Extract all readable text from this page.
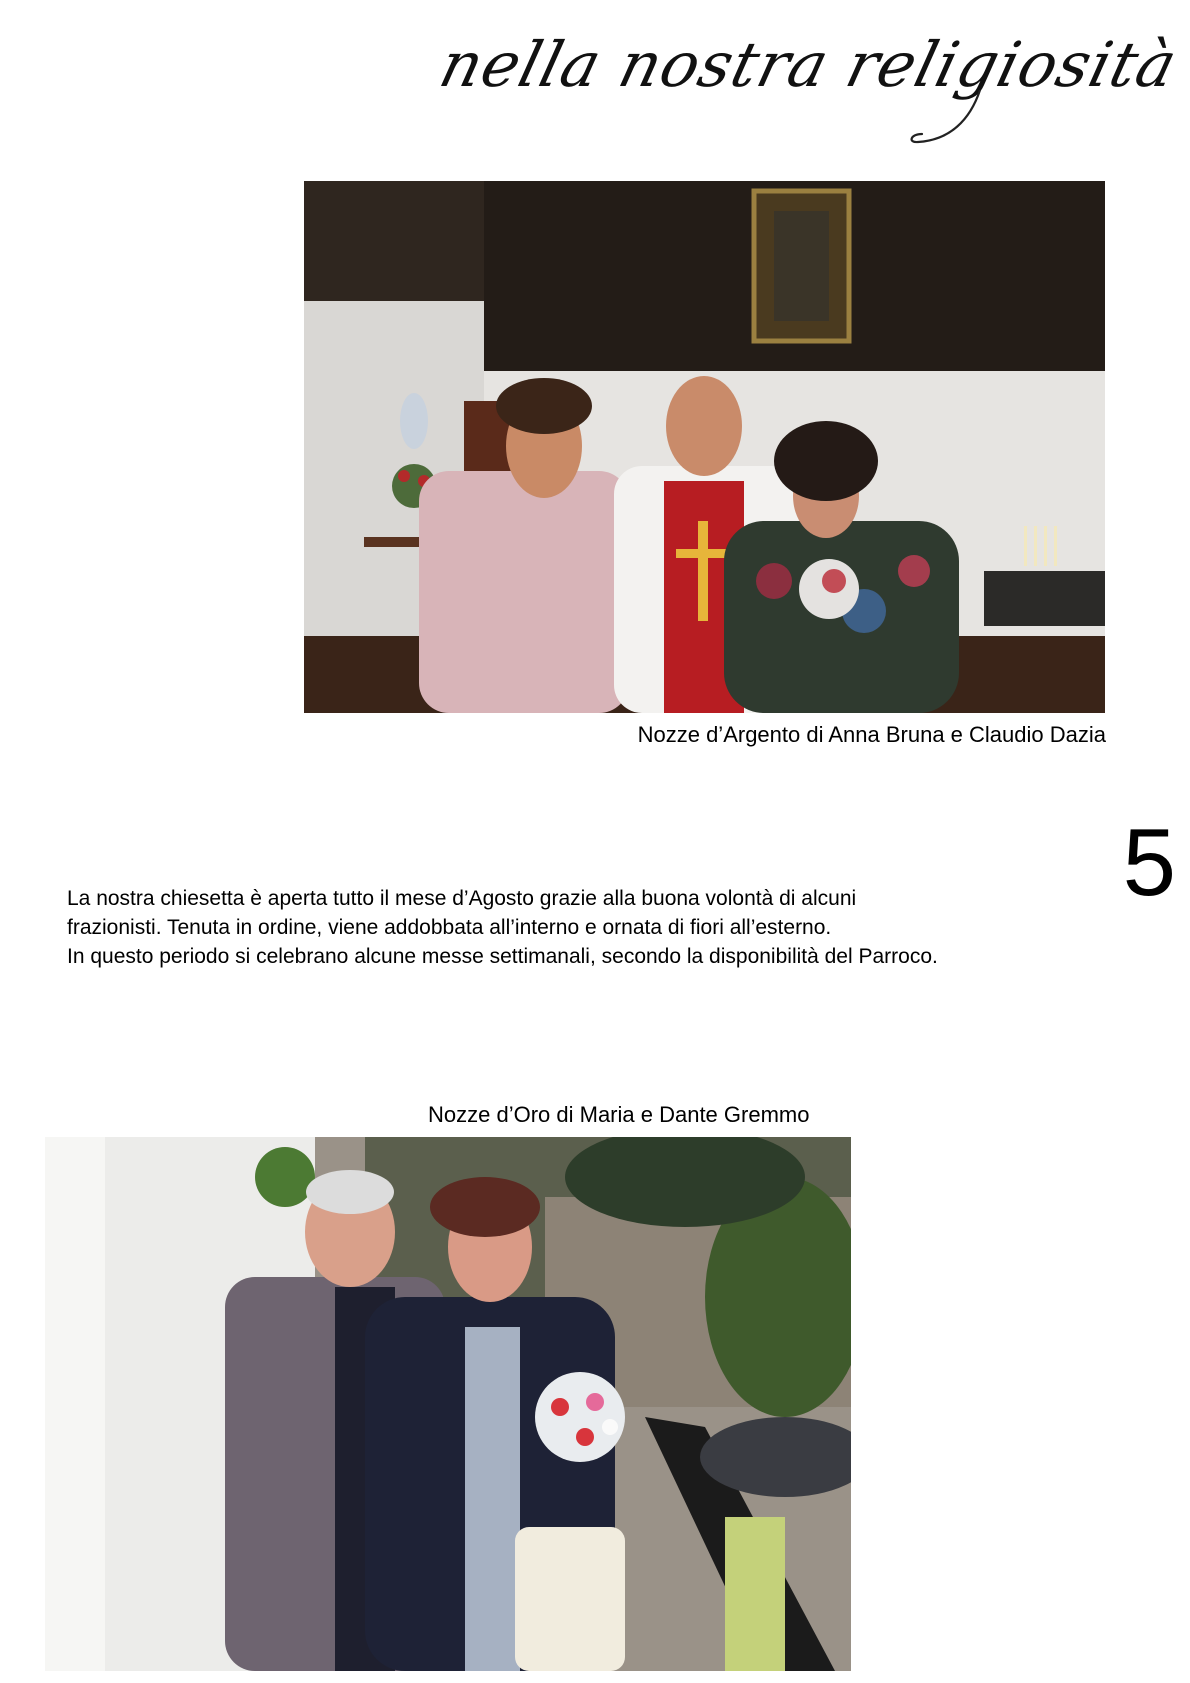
nella nostra religiosità
Nozze d’Argento di Anna Bruna e Claudio Dazia
5

La nostra chiesetta è aperta tutto il mese d’Agosto grazie alla buona volontà di alcuni

frazionisti. Tenuta in ordine, viene addobbata all’interno e ornata di fiori all’esterno.

In questo periodo si celebrano alcune messe settimanali, secondo la disponibilità del Parroco.

Nozze d’Oro di Maria e Dante Gremmo
